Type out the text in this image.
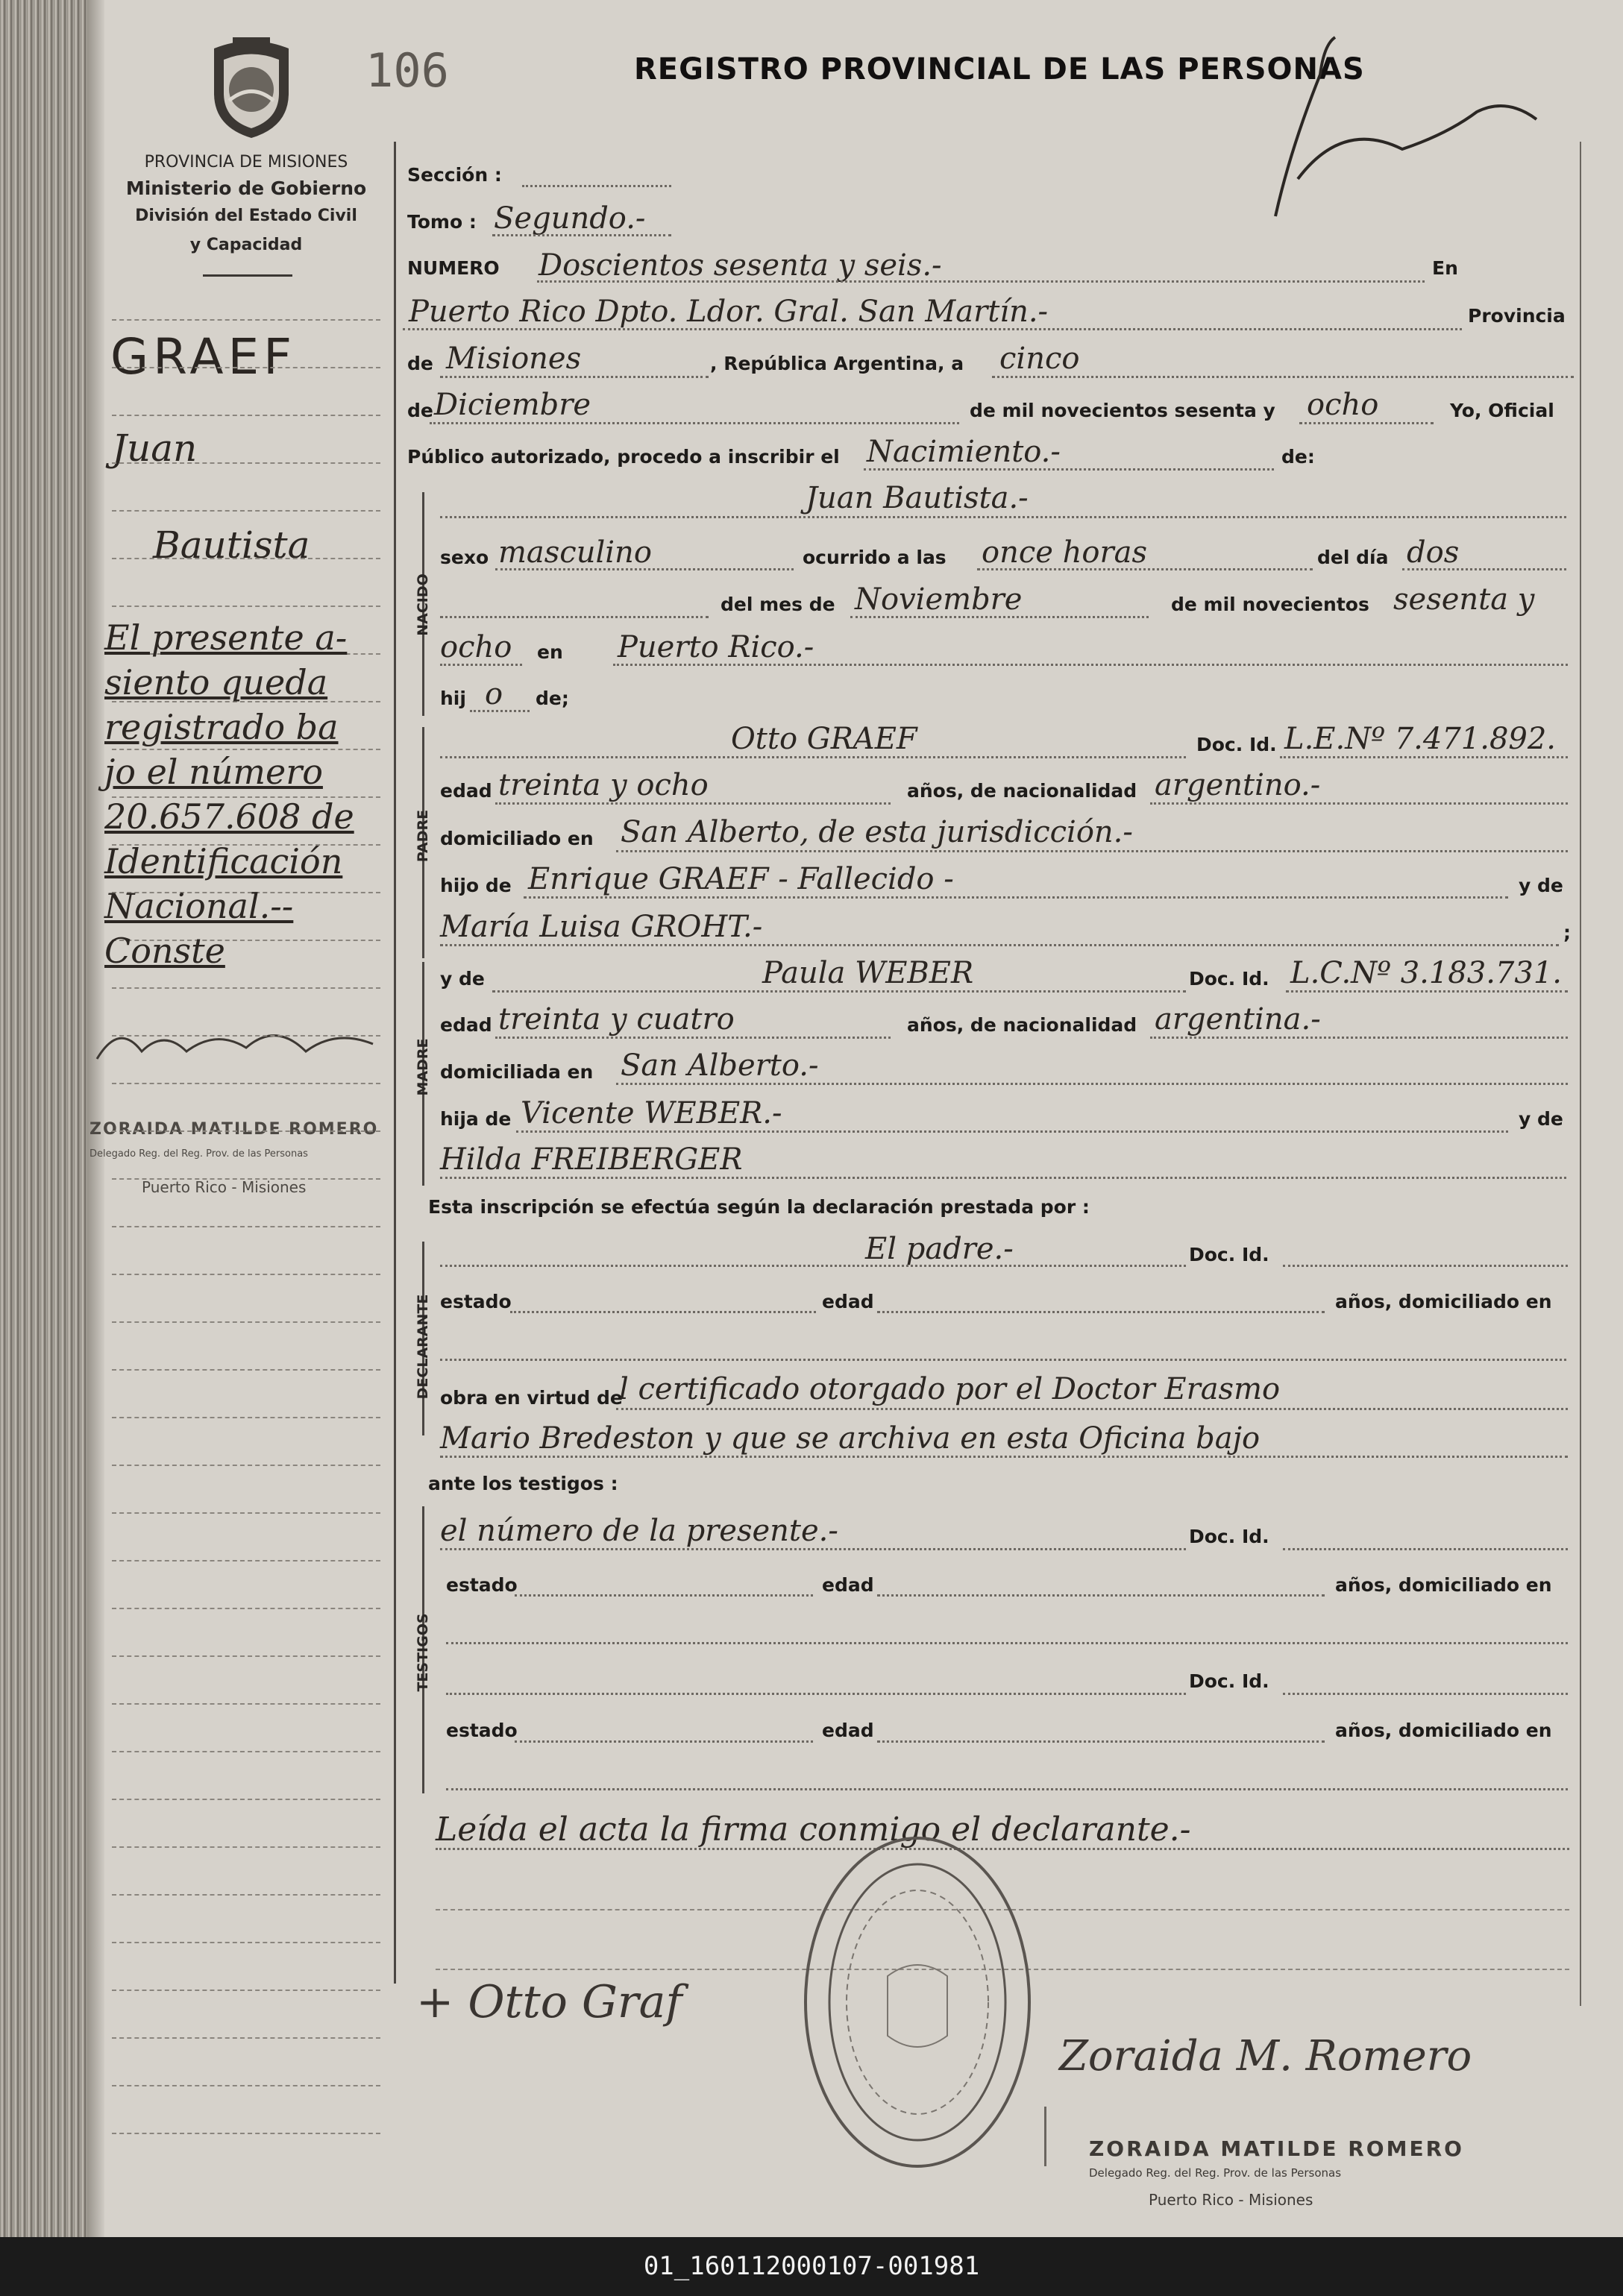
106	REGISTRO PROVINCIAL DE LAS PERSONAS
PROVINCIA DE MISIONES
Ministerio de Gobierno
División del Estado Civil
y Capacidad
GRAEF
Juan
Bautista
ZORAIDA MATILDE ROMERO
Delegado Reg. del Reg. Prov. de las Personas
Puerto Rico - Misiones
Sección :
Tomo : Segundo.-
NUMERO Doscientos sesenta y seis.-	En
Puerto Rico Dpto. Ldor. Gral. San Martín.-	Provincia
de Misiones	, República Argentina, a cinco
de Diciembre	de mil novecientos sesenta y ocho	Yo, Oficial
Público autorizado, procedo a inscribir el Nacimiento.-	de:
NACIDO
PADRE
MADRE
DECLARANTE
TESTIGOS
Juan Bautista.-
sexo masculino	ocurrido a las once horas	del día dos
del mes de Noviembre	de mil novecientos sesenta y
ocho en Puerto Rico.-
hij o de;
Otto GRAEF	Doc. Id. L.E.Nº 7.471.892.
edad treinta y ocho	años, de nacionalidad argentino.-
domiciliado en San Alberto, de esta jurisdicción.-
hijo de Enrique GRAEF - Fallecido -	y de
María Luisa GROHT.-	;
y de	Paula WEBER	Doc. Id. L.C.Nº 3.183.731.
edad treinta y cuatro	años, de nacionalidad argentina.-
domiciliada en San Alberto.-
hija de Vicente WEBER.-	y de
Hilda FREIBERGER
Esta inscripción se efectúa según la declaración prestada por :
El padre.-	Doc. Id.
estado	edad	años, domiciliado en
obra en virtud de
l certificado otorgado por el Doctor Erasmo
Mario Bredeston y que se archiva en esta Oficina bajo
ante los testigos :
el número de la presente.-	Doc. Id.
estado	edad	años, domiciliado en
Doc. Id.
estado	edad	años, domiciliado en
Leída el acta la firma conmigo el declarante.-
+ Otto Graf
Zoraida M. Romero
ZORAIDA MATILDE ROMERO
Delegado Reg. del Reg. Prov. de las Personas
Puerto Rico - Misiones
El presente a-
siento queda
registrado ba
jo el número
20.657.608 de
Identificación
Nacional.--
Conste
01_160112000107-001981
